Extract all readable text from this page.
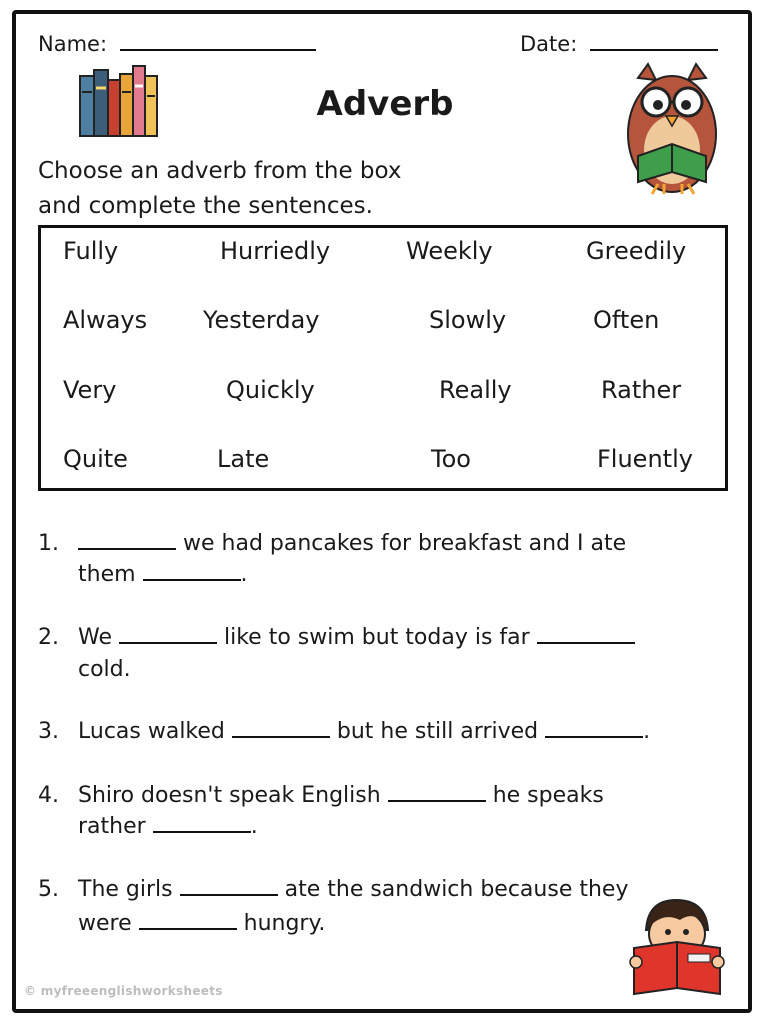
Name:	Date:
Adverb
Choose an adverb from the box
and complete the sentences.
Fully	Hurriedly	Weekly	Greedily
Always Yesterday	Slowly	Often
Very	Quickly	Really	Rather
Quite	Late	Too	Fluently
1.	we had pancakes for breakfast and I ate
them	.
2. We	like to swim but today is far
cold.
3. Lucas walked	but he still arrived	.
4. Shiro doesn't speak English	he speaks
rather	.
5. The girls	ate the sandwich because they
were	hungry.
© myfreeenglishworksheets
